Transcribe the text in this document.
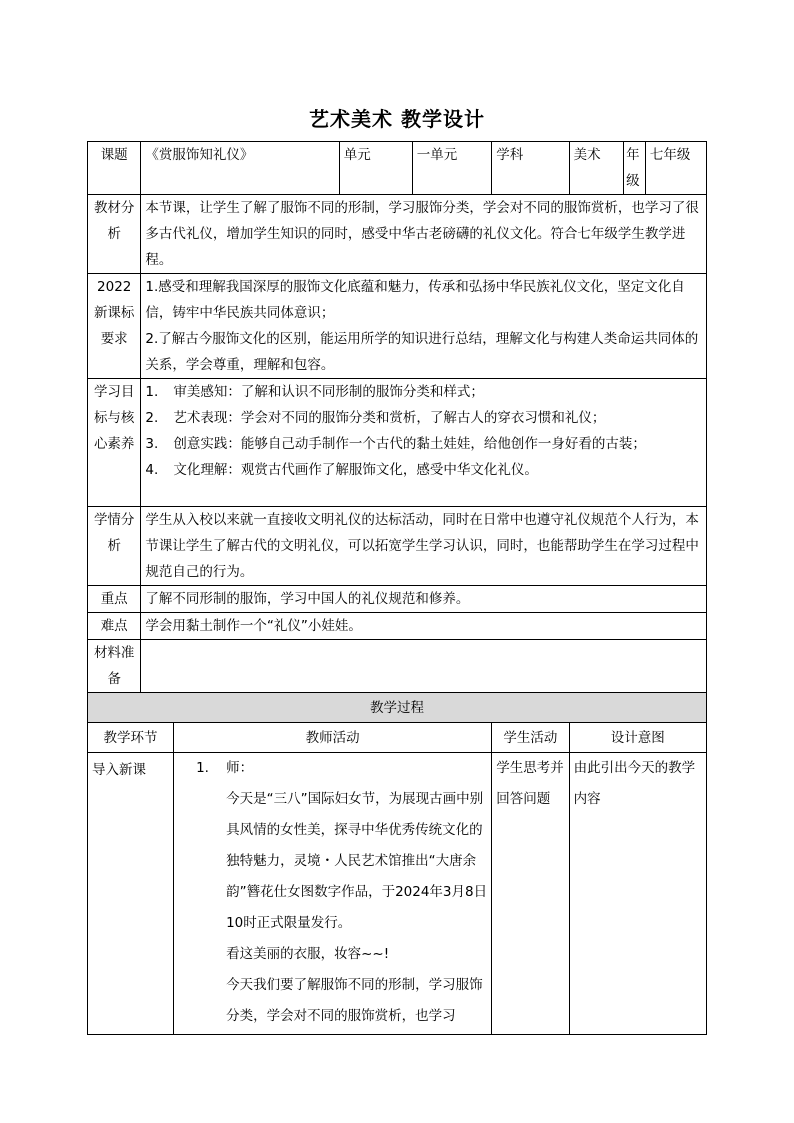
艺术美术 教学设计
课题	《赏服饰知礼仪》		单元	一单元	学科	美术	年级	七年级
教材分析	本节课，让学生了解了服饰不同的形制，学习服饰分类，学会对不同的服饰赏析，也学习了很多古代礼仪，增加学生知识的同时，感受中华古老磅礴的礼仪文化。符合七年级学生教学进程。							
2022新课标要求	1.感受和理解我国深厚的服饰文化底蕴和魅力，传承和弘扬中华民族礼仪文化，坚定文化自信，铸牢中华民族共同体意识；
2.了解古今服饰文化的区别，能运用所学的知识进行总结，理解文化与构建人类命运共同体的关系，学会尊重，理解和包容。							

学习目标与核心素养	1. 审美感知：了解和认识不同形制的服饰分类和样式；
2. 艺术表现：学会对不同的服饰分类和赏析，了解古人的穿衣习惯和礼仪；
3. 创意实践：能够自己动手制作一个古代的黏土娃娃，给他创作一身好看的古装；
4. 文化理解：观赏古代画作了解服饰文化，感受中华文化礼仪。							

学情分析	学生从入校以来就一直接收文明礼仪的达标活动，同时在日常中也遵守礼仪规范个人行为，本节课让学生了解古代的文明礼仪，可以拓宽学生学习认识，同时，也能帮助学生在学习过程中规范自己的行为。							
重点	了解不同形制的服饰，学习中国人的礼仪规范和修养。							
难点	学会用黏土制作一个“礼仪”小娃娃。							
材料准备								
教学过程								
教学环节		教师活动			学生活动	设计意图		
导入新课		1. 师：
今天是“三八”国际妇女节，为展现古画中别具风情的女性美，探寻中华优秀传统文化的独特魅力，灵境・人民艺术馆推出“大唐余韵”簪花仕女图数字作品，于2024年3月8日10时正式限量发行。
看这美丽的衣服，妆容~~!
今天我们要了解服饰不同的形制，学习服饰分类，学会对不同的服饰赏析，也学习			学生思考并回答问题	由此引出今天的教学内容		
